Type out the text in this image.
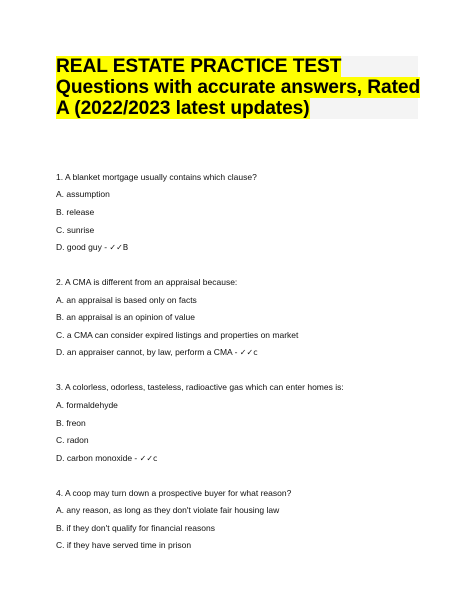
REAL ESTATE PRACTICE TEST
Questions with accurate answers, Rated
A (2022/2023 latest updates)
1. A blanket mortgage usually contains which clause?
A. assumption
B. release
C. sunrise
D. good guy - ✓✓B
2. A CMA is different from an appraisal because:
A. an appraisal is based only on facts
B. an appraisal is an opinion of value
C. a CMA can consider expired listings and properties on market
D. an appraiser cannot, by law, perform a CMA - ✓✓c
3. A colorless, odorless, tasteless, radioactive gas which can enter homes is:
A. formaldehyde
B. freon
C. radon
D. carbon monoxide - ✓✓c
4. A coop may turn down a prospective buyer for what reason?
A. any reason, as long as they don't violate fair housing law
B. if they don't qualify for financial reasons
C. if they have served time in prison
